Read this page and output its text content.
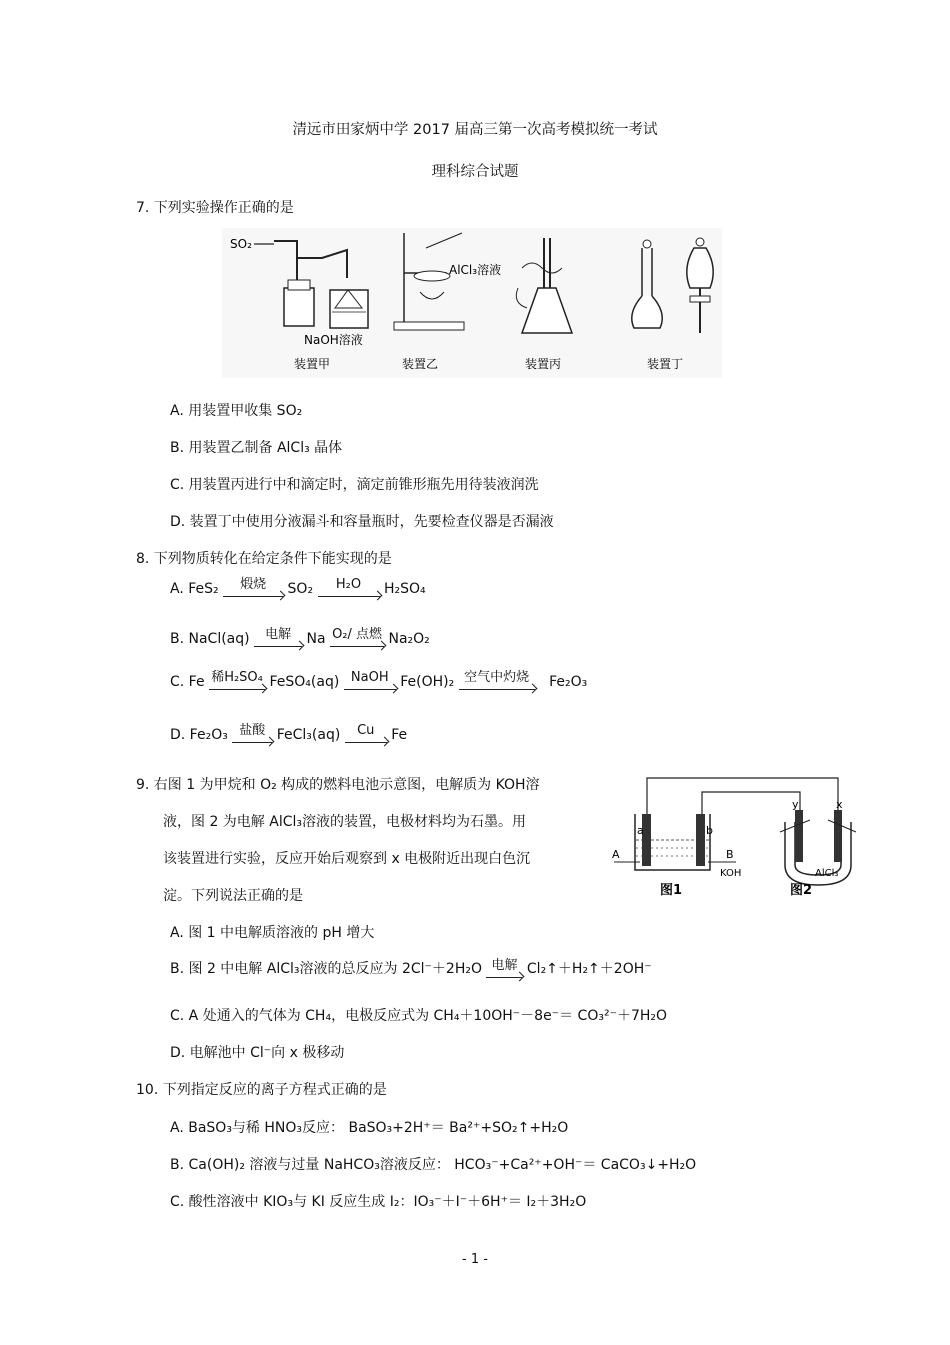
清远市田家炳中学 2017 届高三第一次高考模拟统一考试
理科综合试题
7. 下列实验操作正确的是
SO₂
NaOH溶液
装置甲
AlCl₃溶液
装置乙	装置丙	装置丁
A. 用装置甲收集 SO₂
B. 用装置乙制备 AlCl₃ 晶体
C. 用装置丙进行中和滴定时，滴定前锥形瓶先用待装液润洗
D. 装置丁中使用分液漏斗和容量瓶时，先要检查仪器是否漏液
8. 下列物质转化在给定条件下能实现的是
A. FeS₂	煅烧	SO₂	H₂O	H₂SO₄
B. NaCl(aq)	电解	Na O₂/ 点燃 Na₂O₂
C. Fe 稀H₂SO₄ FeSO₄(aq) NaOH Fe(OH)₂ 空气中灼烧	Fe₂O₃
D. Fe₂O₃ 盐酸 FeCl₃(aq)	Cu	Fe
9. 右图 1 为甲烷和 O₂ 构成的燃料电池示意图，电解质为 KOH溶
液，图 2 为电解 AlCl₃溶液的装置，电极材料均为石墨。用
该装置进行实验，反应开始后观察到 x 电极附近出现白色沉
淀。下列说法正确的是
a	b
A	B
KOH
图1
y	x
AlCl₃
图2
A. 图 1 中电解质溶液的 pH 增大
B. 图 2 中电解 AlCl₃溶液的总反应为 2Cl⁻＋2H₂O 电解 Cl₂↑＋H₂↑＋2OH⁻
C. A 处通入的气体为 CH₄，电极反应式为 CH₄＋10OH⁻－8e⁻＝ CO₃²⁻＋7H₂O
D. 电解池中 Cl⁻向 x 极移动
10. 下列指定反应的离子方程式正确的是
A. BaSO₃与稀 HNO₃反应： BaSO₃+2H⁺＝ Ba²⁺+SO₂↑+H₂O
B. Ca(OH)₂ 溶液与过量 NaHCO₃溶液反应： HCO₃⁻+Ca²⁺+OH⁻＝ CaCO₃↓+H₂O
C. 酸性溶液中 KIO₃与 KI 反应生成 I₂：IO₃⁻＋I⁻＋6H⁺＝ I₂＋3H₂O
- 1 -
